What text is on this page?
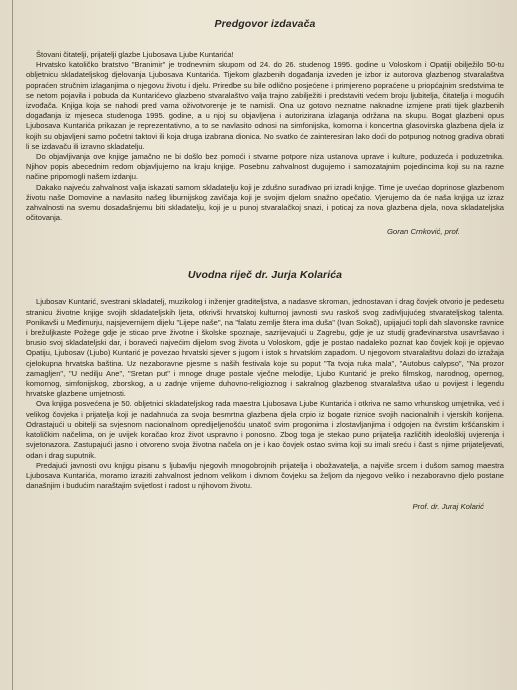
Predgovor izdavača

Štovani čitatelji, prijatelji glazbe Ljubosava Ljube Kuntarića!

Hrvatsko katoličko bratstvo "Branimir" je trodnevnim skupom od 24. do 26. studenog 1995. godine u Voloskom i Opatiji obilježilo 50-tu obljetnicu skladateljskog djelovanja Ljubosava Kuntarića. Tijekom glazbenih događanja izveden je izbor iz autorova glazbenog stvaralaštva popraćen stručnim izlaganjima o njegovu životu i djelu. Priredbe su bile odlično posjećene i primjereno popraćene u priopćajnim sredstvima te se netom pojavila i pobuda da Kuntarićevo glazbeno stvaralaštvo valja trajno zabilježiti i predstaviti većem broju ljubitelja, čitatelja i mogućih izvođača. Knjiga koja se nahodi pred vama oživotvorenje je te namisli. Ona uz gotovo neznatne naknadne izmjene prati tijek glazbenih događanja iz mjeseca studenoga 1995. godine, a u njoj su objavljena i autorizirana izlaganja održana na skupu. Bogat glazbeni opus Ljubosava Kuntarića prikazan je reprezentativno, a to se navlasito odnosi na simfonijska, komorna i koncertna glasovirska glazbena djela iz kojih su objavljeni samo početni taktovi ili koja druga izabrana dionica. No svatko će zainteresiran lako doći do potpunog notnog gradiva obrati li se izdavaču ili izravno skladatelju.

Do objavljivanja ove knjige jamačno ne bi došlo bez pomoći i stvarne potpore niza ustanova uprave i kulture, poduzeća i poduzetnika. Njihov popis abecednim redom objavljujemo na kraju knjige. Posebnu zahvalnost dugujemo i samozatajnim pojedincima koji su na razne načine pripomogli našem izdanju.

Dakako najveću zahvalnost valja iskazati samom skladatelju koji je zdušno surađivao pri izradi knjige. Time je uvećao doprinose glazbenom životu naše Domovine a navlasito našeg liburnijskog zavičaja koji je svojim djelom snažno opečatio. Vjerujemo da će naša knjiga uz izraz zahvalnosti na svemu dosadašnjemu biti skladatelju, koji je u punoj stvaralačkoj snazi, i poticaj za nova glazbena djela, nova skladateljska očitovanja.

Goran Crnković, prof.
Uvodna riječ dr. Jurja Kolarića

Ljubosav Kuntarić, svestrani skladatelj, muzikolog i inženjer graditeljstva, a nadasve skroman, jednostavan i drag čovjek otvorio je pedesetu stranicu životne knjige svojih skladateljskih ljeta, otkrivši hrvatskoj kulturnoj javnosti svu raskoš svog zadivljujućeg stvarateljskog talenta. Ponikavši u Međimurju, najsjevernijem dijelu "Lijepe naše", na "falatu zemlje štera ima duša" (Ivan Sokač), upijajući topli dah slavonske ravnice i brežuljkaste Požege gdje je sticao prve životne i školske spoznaje, sazrijevajući u Zagrebu, gdje je uz studij građevinarstva usavršavao i brusio svoj skladateljski dar, i boraveći najvećim dijelom svog života u Voloskom, gdje je postao nadaleko poznat kao čovjek koji je opjevao Opatiju, Ljubosav (Ljubo) Kuntarić je povezao hrvatski sjever s jugom i istok s hrvatskim zapadom. U njegovom stvaralaštvu dolazi do izražaja cjelokupna hrvatska baština. Uz nezaboravne pjesme s naših festivala koje su poput "Ta tvoja ruka mala", "Autobus calypso", "Na prozor zamagljen", "U nedilju Ane", "Sretan put" i mnoge druge postale vječne melodije, Ljubo Kuntarić je preko filmskog, narodnog, opernog, komornog, simfonijskog, zborskog, a u zadnje vrijeme duhovno-religioznog i sakralnog glazbenog stvaralaštva ušao u povijest i legendu hrvatske glazbene umjetnosti.

Ova knjiga posvećena je 50. obljetnici skladateljskog rada maestra Ljubosava Ljube Kuntarića i otkriva ne samo vrhunskog umjetnika, već i velikog čovjeka i prijatelja koji je nadahnuća za svoja besmrtna glazbena djela crpio iz bogate riznice svojih nacionalnih i vjerskih korijena. Odrastajući u obitelji sa svjesnom nacionalnom opredijeljenošću unatoč svim progonima i zlostavljanjima i odgojen na čvrstim kršćanskim i katoličkim načelima, on je uvijek koračao kroz život uspravno i ponosno. Zbog toga je stekao puno prijatelja različitih ideološkij uvjerenja i svjetonazora. Zastupajući jasno i otvoreno svoja životna načela on je i kao čovjek ostao svima koji su imali sreću i čast s njime prijateljevati, odan i drag suputnik.

Predajući javnosti ovu knjigu pisanu s ljubavlju njegovih mnogobrojnih prijatelja i obožavatelja, a najviše srcem i dušom samog maestra Ljubosava Kuntarića, moramo izraziti zahvalnost jednom velikom i divnom čovjeku sa željom da njegovo veliko i nezaboravno djelo postane današnjim i budućim naraštajim svijetlost i radost u njihovom životu.

Prof. dr. Juraj Kolarić
